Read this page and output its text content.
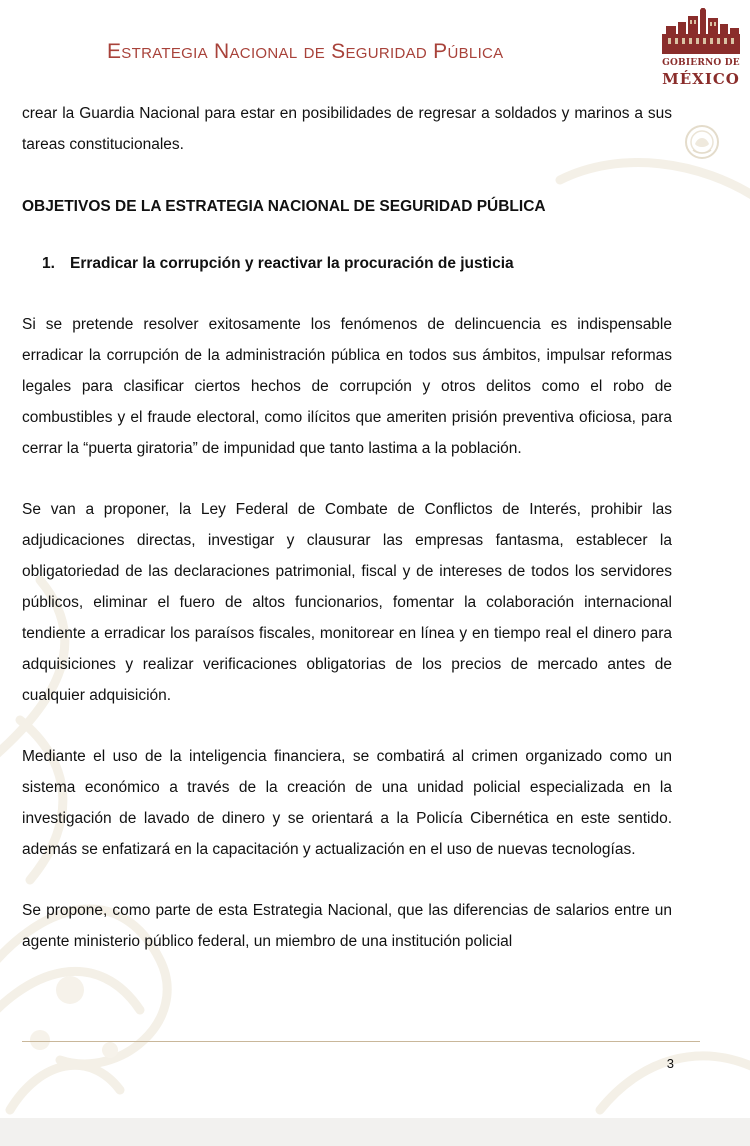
Estrategia Nacional de Seguridad Pública	GOBIERNO DE
MÉXICO

crear la Guardia Nacional para estar en posibilidades de regresar a soldados y marinos a sus tareas constitucionales.

OBJETIVOS DE LA ESTRATEGIA NACIONAL DE SEGURIDAD PÚBLICA

1. Erradicar la corrupción y reactivar la procuración de justicia

Si se pretende resolver exitosamente los fenómenos de delincuencia es indispensable erradicar la corrupción de la administración pública en todos sus ámbitos, impulsar reformas legales para clasificar ciertos hechos de corrupción y otros delitos como el robo de combustibles y el fraude electoral, como ilícitos que ameriten prisión preventiva oficiosa, para cerrar la “puerta giratoria” de impunidad que tanto lastima a la población.

Se van a proponer, la Ley Federal de Combate de Conflictos de Interés, prohibir las adjudicaciones directas, investigar y clausurar las empresas fantasma, establecer la obligatoriedad de las declaraciones patrimonial, fiscal y de intereses de todos los servidores públicos, eliminar el fuero de altos funcionarios, fomentar la colaboración internacional tendiente a erradicar los paraísos fiscales, monitorear en línea y en tiempo real el dinero para adquisiciones y realizar verificaciones obligatorias de los precios de mercado antes de cualquier adquisición.

Mediante el uso de la inteligencia financiera, se combatirá al crimen organizado como un sistema económico a través de la creación de una unidad policial especializada en la investigación de lavado de dinero y se orientará a la Policía Cibernética en este sentido. además se enfatizará en la capacitación y actualización en el uso de nuevas tecnologías.

Se propone, como parte de esta Estrategia Nacional, que las diferencias de salarios entre un agente ministerio público federal, un miembro de una institución policial

3
